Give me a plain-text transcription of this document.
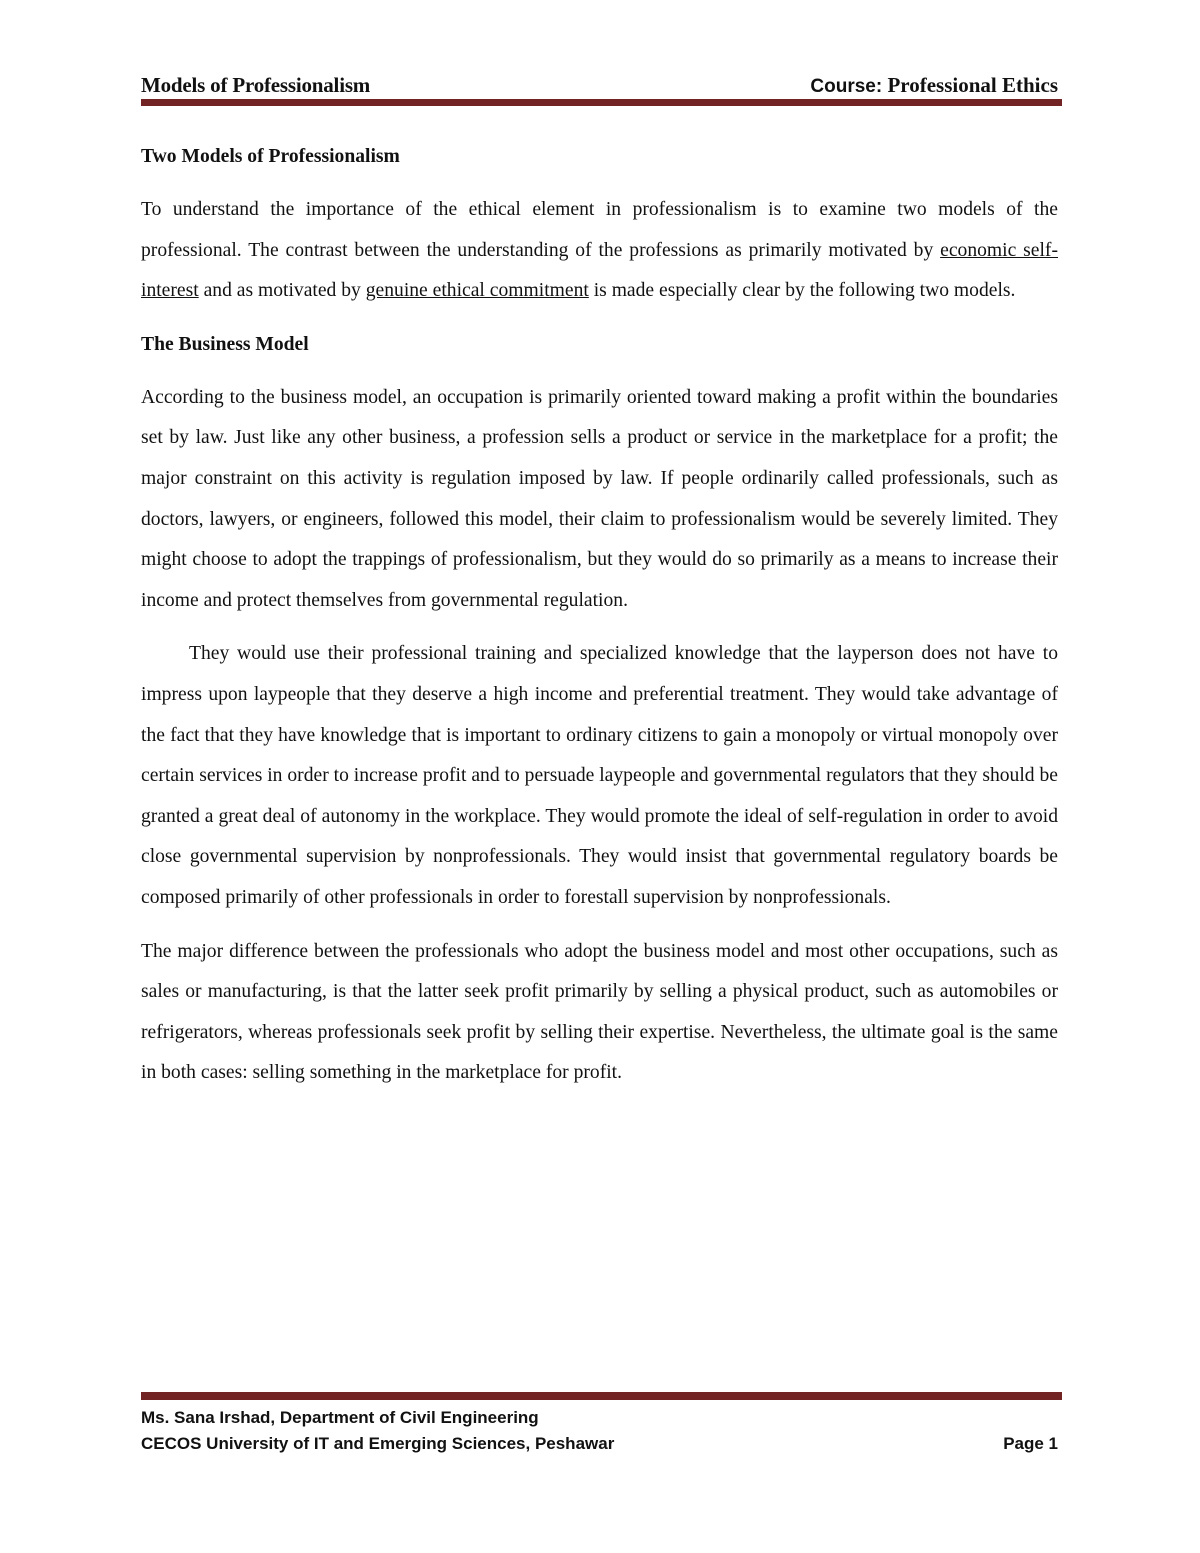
Models of Professionalism	Course: Professional Ethics
Two Models of Professionalism

To understand the importance of the ethical element in professionalism is to examine two models of the professional. The contrast between the understanding of the professions as primarily motivated by economic self-interest and as motivated by genuine ethical commitment is made especially clear by the following two models.

The Business Model

According to the business model, an occupation is primarily oriented toward making a profit within the boundaries set by law. Just like any other business, a profession sells a product or service in the marketplace for a profit; the major constraint on this activity is regulation imposed by law. If people ordinarily called professionals, such as doctors, lawyers, or engineers, followed this model, their claim to professionalism would be severely limited. They might choose to adopt the trappings of professionalism, but they would do so primarily as a means to increase their income and protect themselves from governmental regulation.

They would use their professional training and specialized knowledge that the layperson does not have to impress upon laypeople that they deserve a high income and preferential treatment. They would take advantage of the fact that they have knowledge that is important to ordinary citizens to gain a monopoly or virtual monopoly over certain services in order to increase profit and to persuade laypeople and governmental regulators that they should be granted a great deal of autonomy in the workplace. They would promote the ideal of self-regulation in order to avoid close governmental supervision by nonprofessionals. They would insist that governmental regulatory boards be composed primarily of other professionals in order to forestall supervision by nonprofessionals.

The major difference between the professionals who adopt the business model and most other occupations, such as sales or manufacturing, is that the latter seek profit primarily by selling a physical product, such as automobiles or refrigerators, whereas professionals seek profit by selling their expertise. Nevertheless, the ultimate goal is the same in both cases: selling something in the marketplace for profit.

Ms. Sana Irshad, Department of Civil Engineering
CECOS University of IT and Emerging Sciences, Peshawar	Page 1
